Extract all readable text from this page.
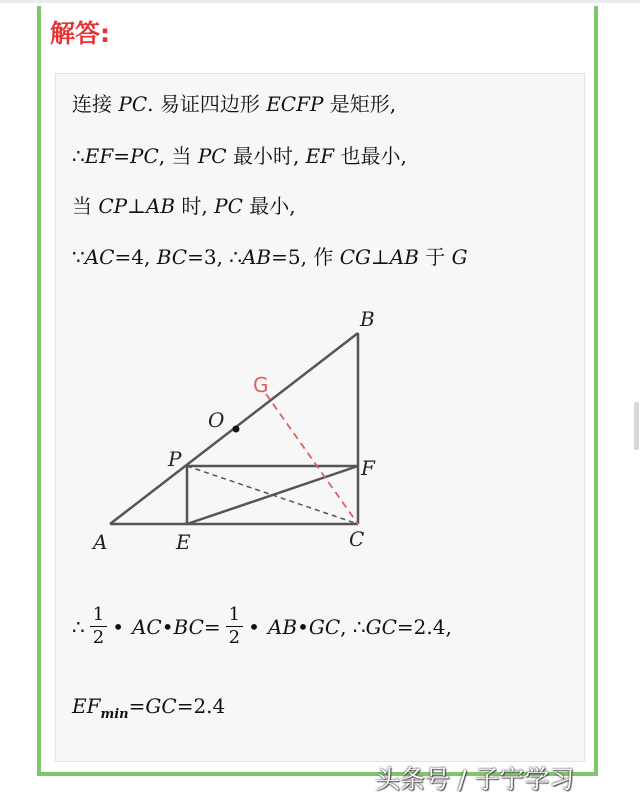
解答:
连接 PC. 易证四边形 ECFP 是矩形,
∴EF=PC, 当 PC 最小时, EF 也最小,
当 CP⊥AB 时, PC 最小,
∵AC=4, BC=3, ∴AB=5, 作 CG⊥AB 于 G
A
B
C
E
F
P
O
G
∴ $\frac{1}{2}$ • AC • BC = $\frac{1}{2}$ • AB • GC , ∴ GC =2.4,
$EF_{min}=GC=2.4$
头条号 / 子宁学习
